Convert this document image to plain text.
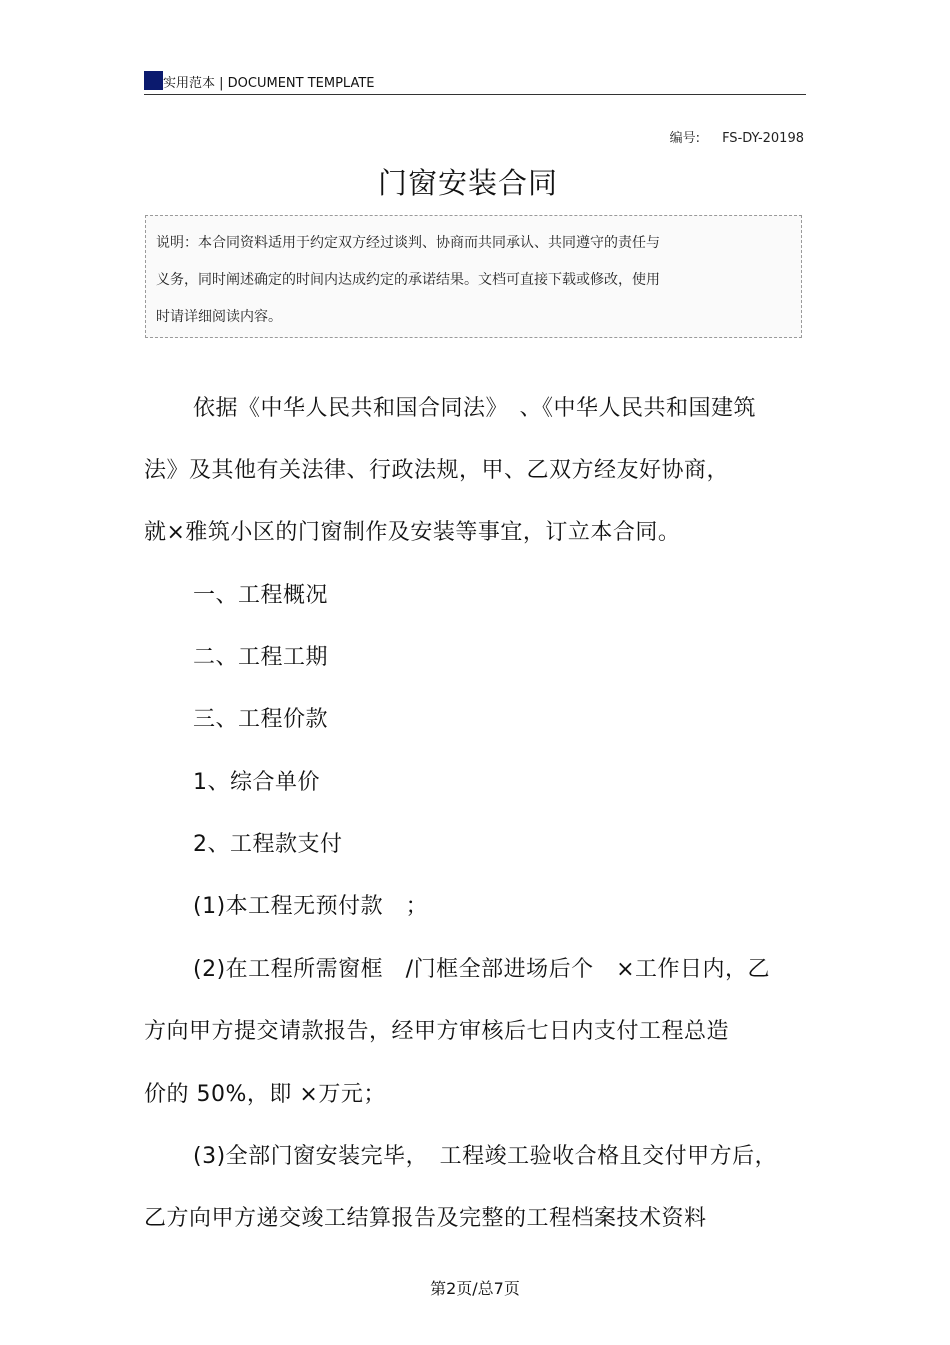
实用范本 | DOCUMENT TEMPLATE
编号: FS-DY-20198
门窗安装合同
说明：本合同资料适用于约定双方经过谈判、协商而共同承认、共同遵守的责任与
义务，同时阐述确定的时间内达成约定的承诺结果。文档可直接下载或修改，使用
时请详细阅读内容。
依据《中华人民共和国合同法》　、《中华人民共和国建筑
法》及其他有关法律、行政法规，甲、乙双方经友好协商，
就×雅筑小区的门窗制作及安装等事宜，订立本合同。
一、工程概况
二、工程工期
三、工程价款
1、综合单价
2、工程款支付
(1)本工程无预付款　；
(2)在工程所需窗框　/门框全部进场后个　×工作日内，乙
方向甲方提交请款报告，经甲方审核后七日内支付工程总造
价的 50%，即 ×万元；
(3)全部门窗安装完毕，　工程竣工验收合格且交付甲方后，
乙方向甲方递交竣工结算报告及完整的工程档案技术资料
第2页/总7页
